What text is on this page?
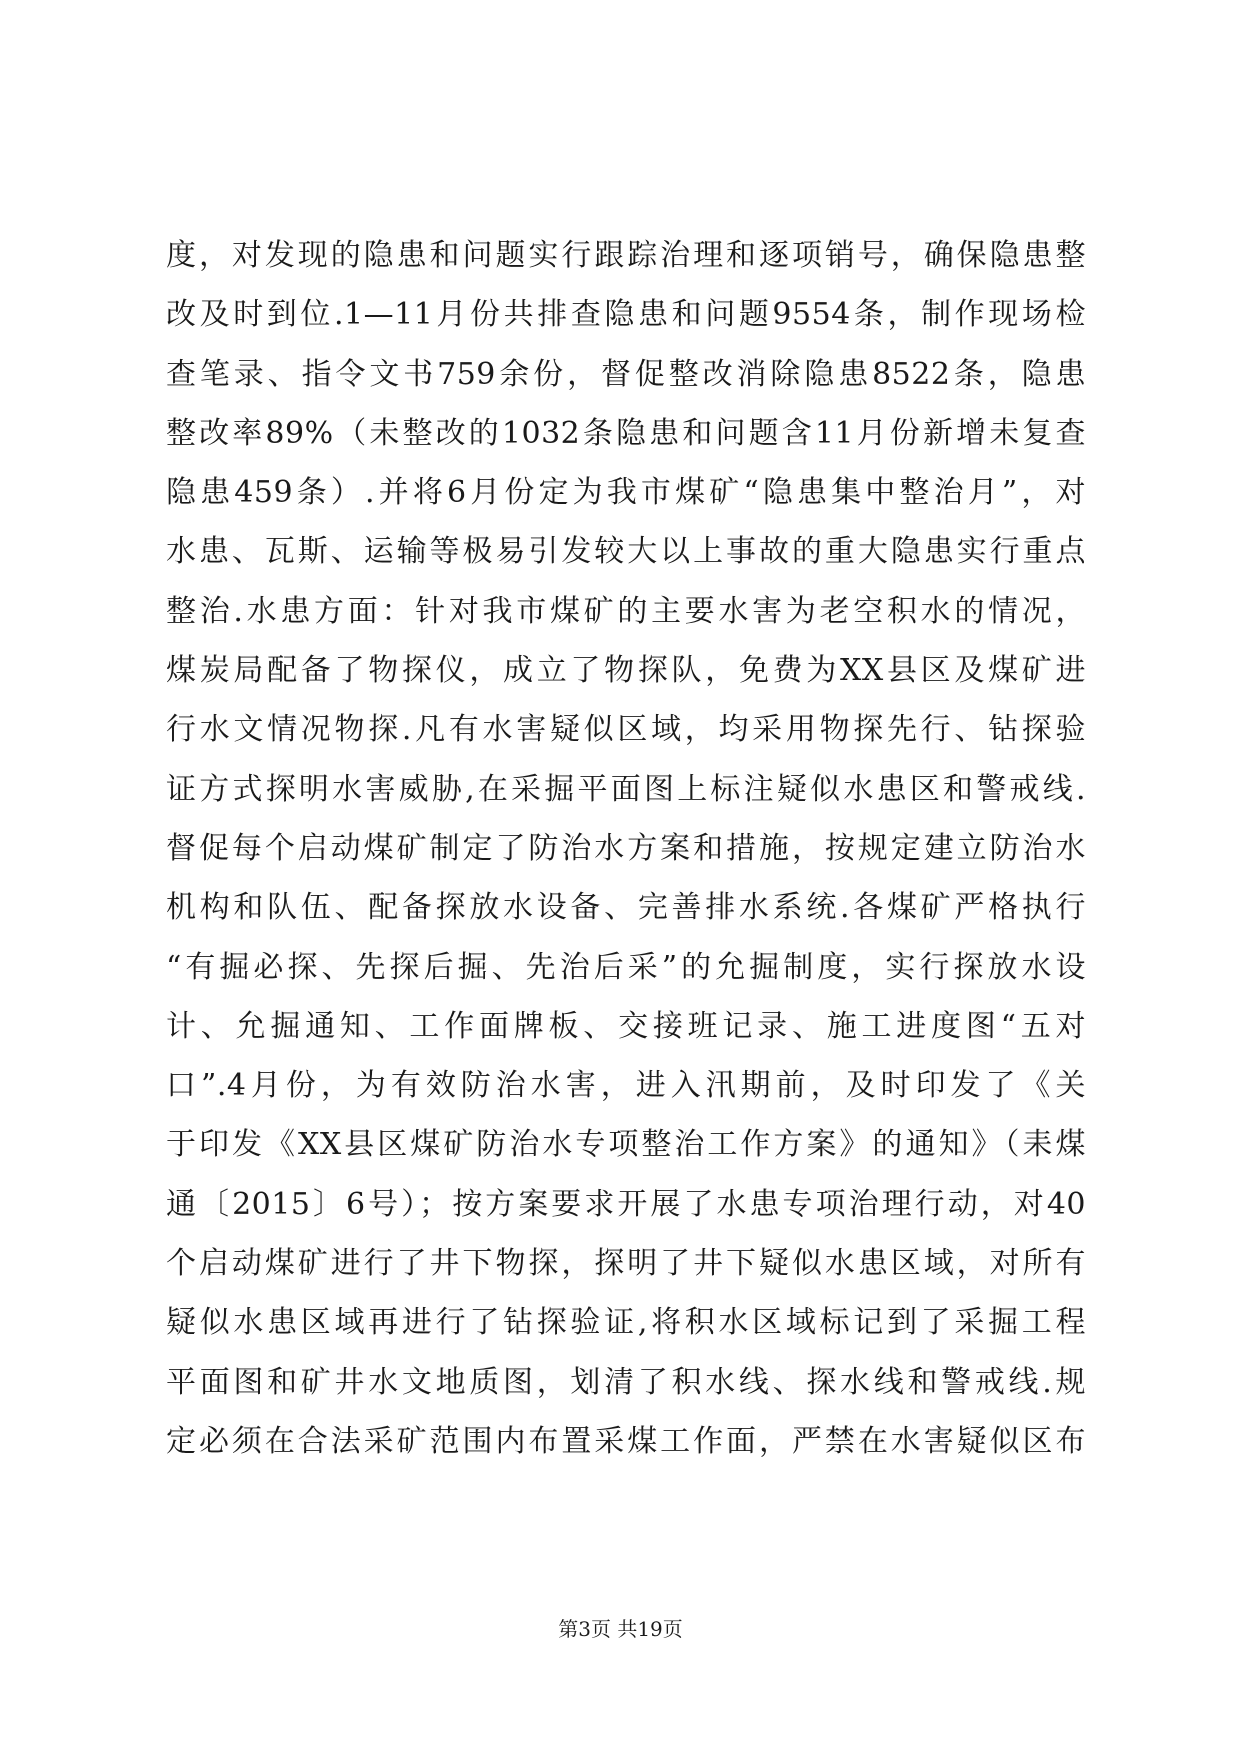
度，对发现的隐患和问题实行跟踪治理和逐项销号，确保隐患整
改及时到位.1—11月份共排查隐患和问题9554条，制作现场检
查笔录、指令文书759余份，督促整改消除隐患8522条，隐患
整改率89%（未整改的1032条隐患和问题含11月份新增未复查
隐患459条）.并将6月份定为我市煤矿“隐患集中整治月”，对
水患、瓦斯、运输等极易引发较大以上事故的重大隐患实行重点
整治.水患方面：针对我市煤矿的主要水害为老空积水的情况，
煤炭局配备了物探仪，成立了物探队，免费为XX县区及煤矿进
行水文情况物探.凡有水害疑似区域，均采用物探先行、钻探验
证方式探明水害威胁,在采掘平面图上标注疑似水患区和警戒线.
督促每个启动煤矿制定了防治水方案和措施，按规定建立防治水
机构和队伍、配备探放水设备、完善排水系统.各煤矿严格执行
“有掘必探、先探后掘、先治后采”的允掘制度，实行探放水设
计、允掘通知、工作面牌板、交接班记录、施工进度图“五对
口”.4月份，为有效防治水害，进入汛期前，及时印发了《关
于印发《XX县区煤矿防治水专项整治工作方案》的通知》（耒煤
通〔2015〕6号）；按方案要求开展了水患专项治理行动，对40
个启动煤矿进行了井下物探，探明了井下疑似水患区域，对所有
疑似水患区域再进行了钻探验证,将积水区域标记到了采掘工程
平面图和矿井水文地质图，划清了积水线、探水线和警戒线.规
定必须在合法采矿范围内布置采煤工作面，严禁在水害疑似区布
第3页 共19页
